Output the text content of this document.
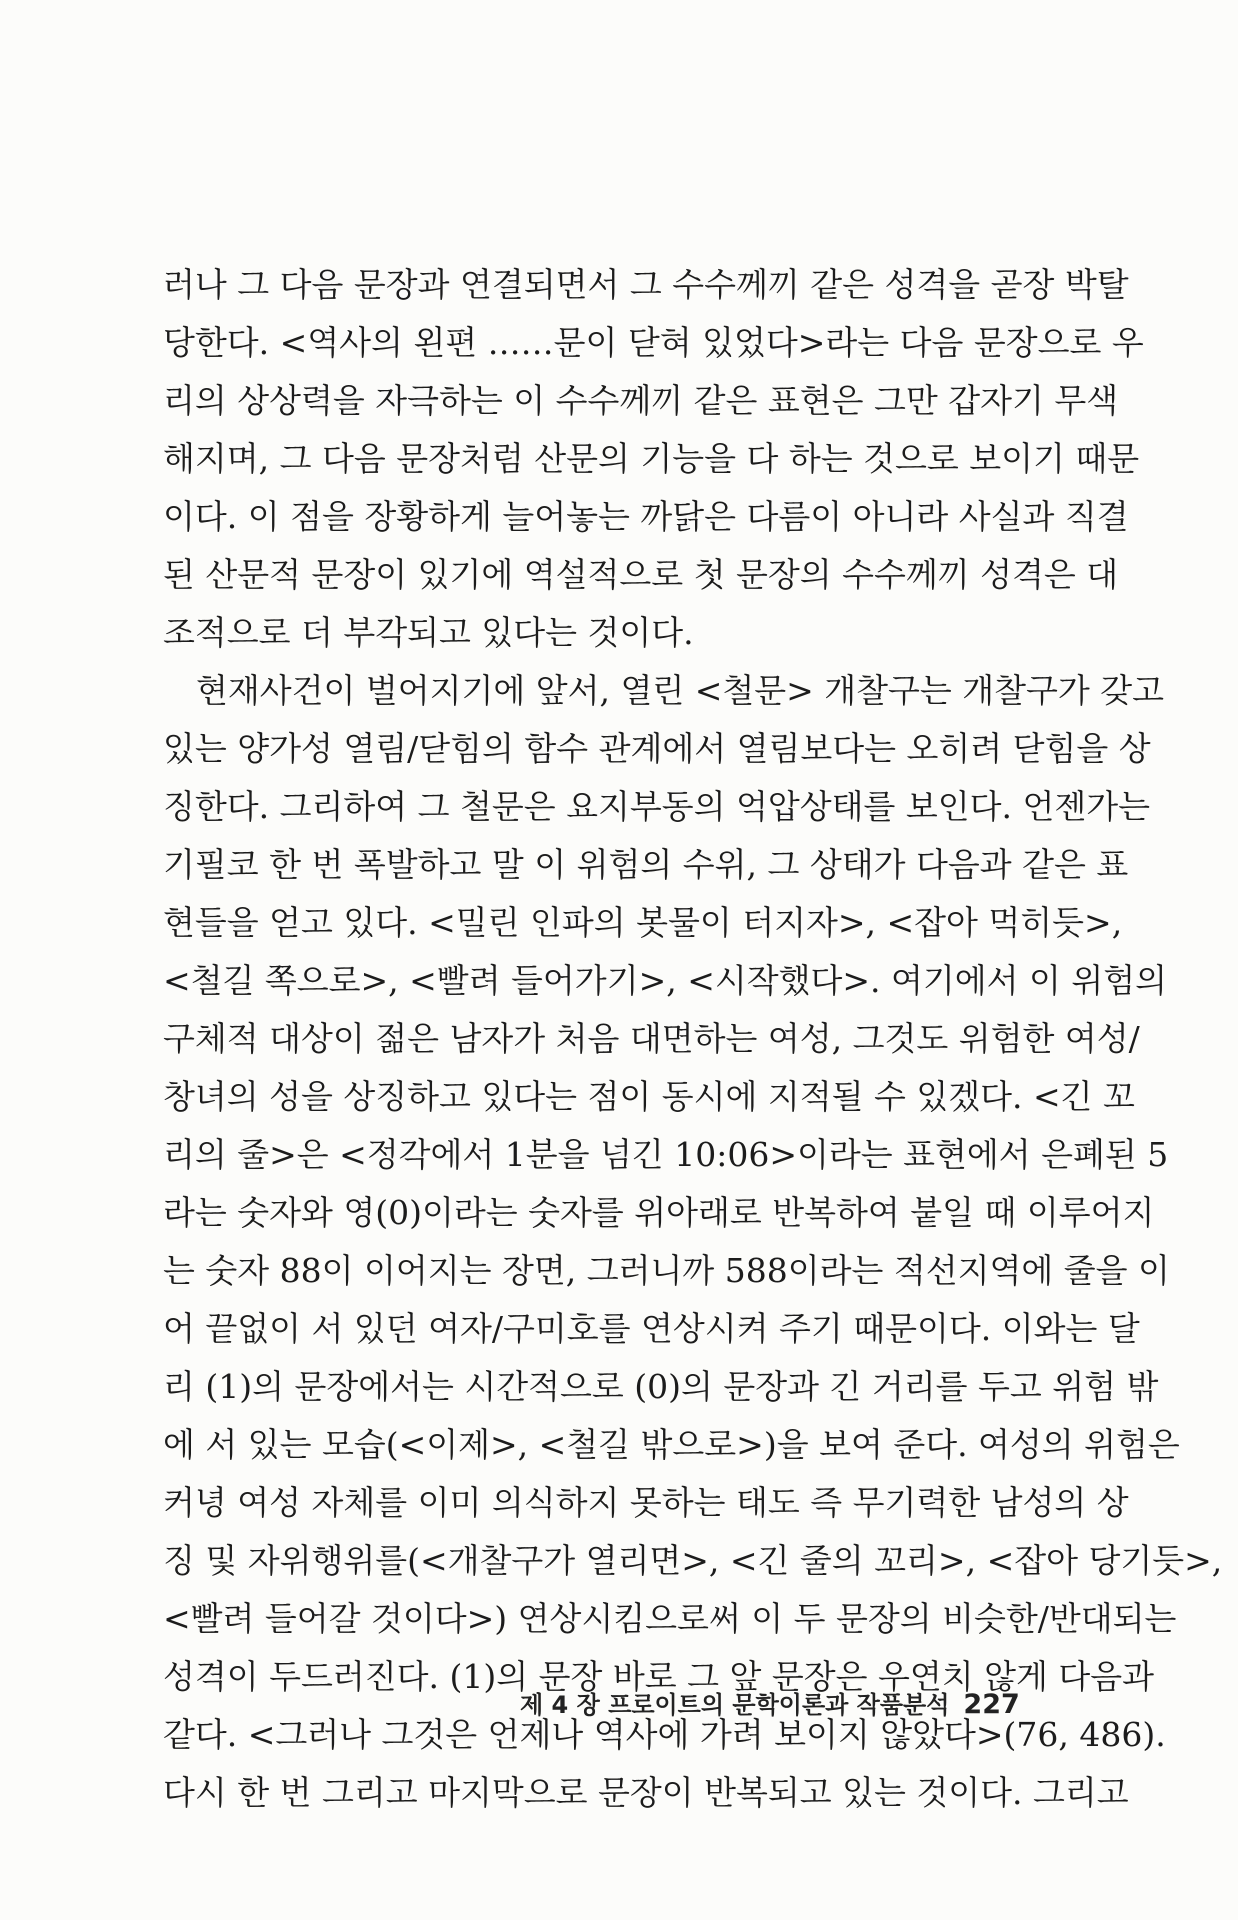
러나 그 다음 문장과 연결되면서 그 수수께끼 같은 성격을 곧장 박탈
당한다. <역사의 왼편 ……문이 닫혀 있었다>라는 다음 문장으로 우
리의 상상력을 자극하는 이 수수께끼 같은 표현은 그만 갑자기 무색
해지며, 그 다음 문장처럼 산문의 기능을 다 하는 것으로 보이기 때문
이다. 이 점을 장황하게 늘어놓는 까닭은 다름이 아니라 사실과 직결
된 산문적 문장이 있기에 역설적으로 첫 문장의 수수께끼 성격은 대
조적으로 더 부각되고 있다는 것이다.
현재사건이 벌어지기에 앞서, 열린 <철문> 개찰구는 개찰구가 갖고
있는 양가성 열림/닫힘의 함수 관계에서 열림보다는 오히려 닫힘을 상
징한다. 그리하여 그 철문은 요지부동의 억압상태를 보인다. 언젠가는
기필코 한 번 폭발하고 말 이 위험의 수위, 그 상태가 다음과 같은 표
현들을 얻고 있다. <밀린 인파의 봇물이 터지자>, <잡아 먹히듯>,
<철길 쪽으로>, <빨려 들어가기>, <시작했다>. 여기에서 이 위험의
구체적 대상이 젊은 남자가 처음 대면하는 여성, 그것도 위험한 여성/
창녀의 성을 상징하고 있다는 점이 동시에 지적될 수 있겠다. <긴 꼬
리의 줄>은 <정각에서 1분을 넘긴 10:06>이라는 표현에서 은폐된 5
라는 숫자와 영(0)이라는 숫자를 위아래로 반복하여 붙일 때 이루어지
는 숫자 88이 이어지는 장면, 그러니까 588이라는 적선지역에 줄을 이
어 끝없이 서 있던 여자/구미호를 연상시켜 주기 때문이다. 이와는 달
리 (1)의 문장에서는 시간적으로 (0)의 문장과 긴 거리를 두고 위험 밖
에 서 있는 모습(<이제>, <철길 밖으로>)을 보여 준다. 여성의 위험은
커녕 여성 자체를 이미 의식하지 못하는 태도 즉 무기력한 남성의 상
징 및 자위행위를(<개찰구가 열리면>, <긴 줄의 꼬리>, <잡아 당기듯>,
<빨려 들어갈 것이다>) 연상시킴으로써 이 두 문장의 비슷한/반대되는
성격이 두드러진다. (1)의 문장 바로 그 앞 문장은 우연치 않게 다음과
같다. <그러나 그것은 언제나 역사에 가려 보이지 않았다>(76, 486).
다시 한 번 그리고 마지막으로 문장이 반복되고 있는 것이다. 그리고
제 4 장 프로이트의 문학이론과 작품분석 227
